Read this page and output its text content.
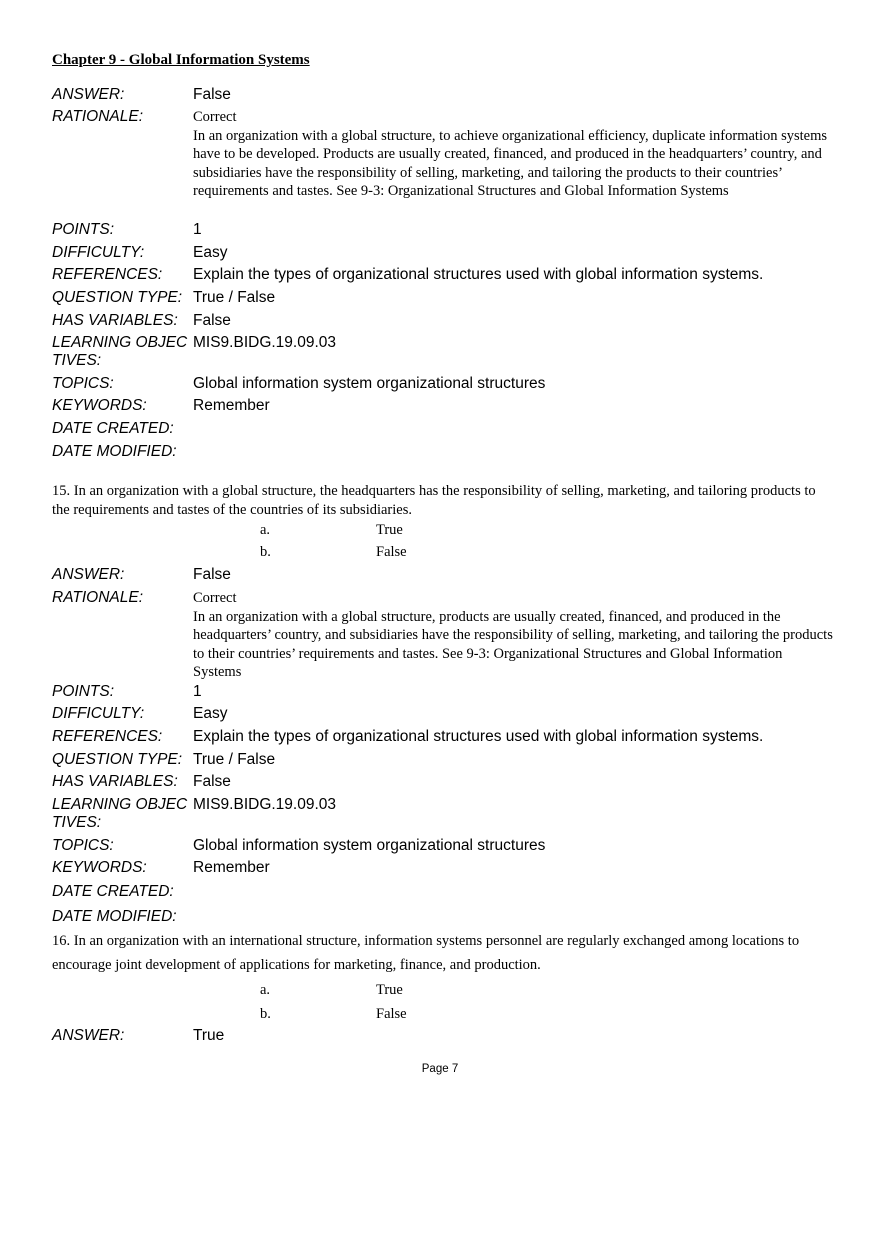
Chapter 9 - Global Information Systems
ANSWER:	False
RATIONALE:	Correct
In an organization with a global structure, to achieve organizational efficiency, duplicate information systems have to be developed. Products are usually created, financed, and produced in the headquarters’ country, and subsidiaries have the responsibility of selling, marketing, and tailoring the products to their countries’ requirements and tastes. See 9-3: Organizational Structures and Global Information Systems
POINTS:	1
DIFFICULTY:	Easy
REFERENCES:	Explain the types of organizational structures used with global information systems.
QUESTION TYPE: True / False
HAS VARIABLES: False
LEARNING OBJECTIVES:
MIS9.BIDG.19.09.03
TOPICS:	Global information system organizational structures
KEYWORDS:	Remember
DATE CREATED:
DATE MODIFIED:
15. In an organization with a global structure, the headquarters has the responsibility of selling, marketing, and tailoring products to the requirements and tastes of the countries of its subsidiaries.
a.	True
b.	False
ANSWER:	False
RATIONALE:	Correct
In an organization with a global structure, products are usually created, financed, and produced in the headquarters’ country, and subsidiaries have the responsibility of selling, marketing, and tailoring the products to their countries’ requirements and tastes. See 9-3: Organizational Structures and Global Information Systems
POINTS:	1
DIFFICULTY:	Easy
REFERENCES:	Explain the types of organizational structures used with global information systems.
QUESTION TYPE: True / False
HAS VARIABLES: False
LEARNING OBJECTIVES:
MIS9.BIDG.19.09.03
TOPICS:	Global information system organizational structures
KEYWORDS:	Remember
DATE CREATED:
DATE MODIFIED:
16. In an organization with an international structure, information systems personnel are regularly exchanged among locations to encourage joint development of applications for marketing, finance, and production.
a.	True
b.	False
ANSWER:	True
Page 7
